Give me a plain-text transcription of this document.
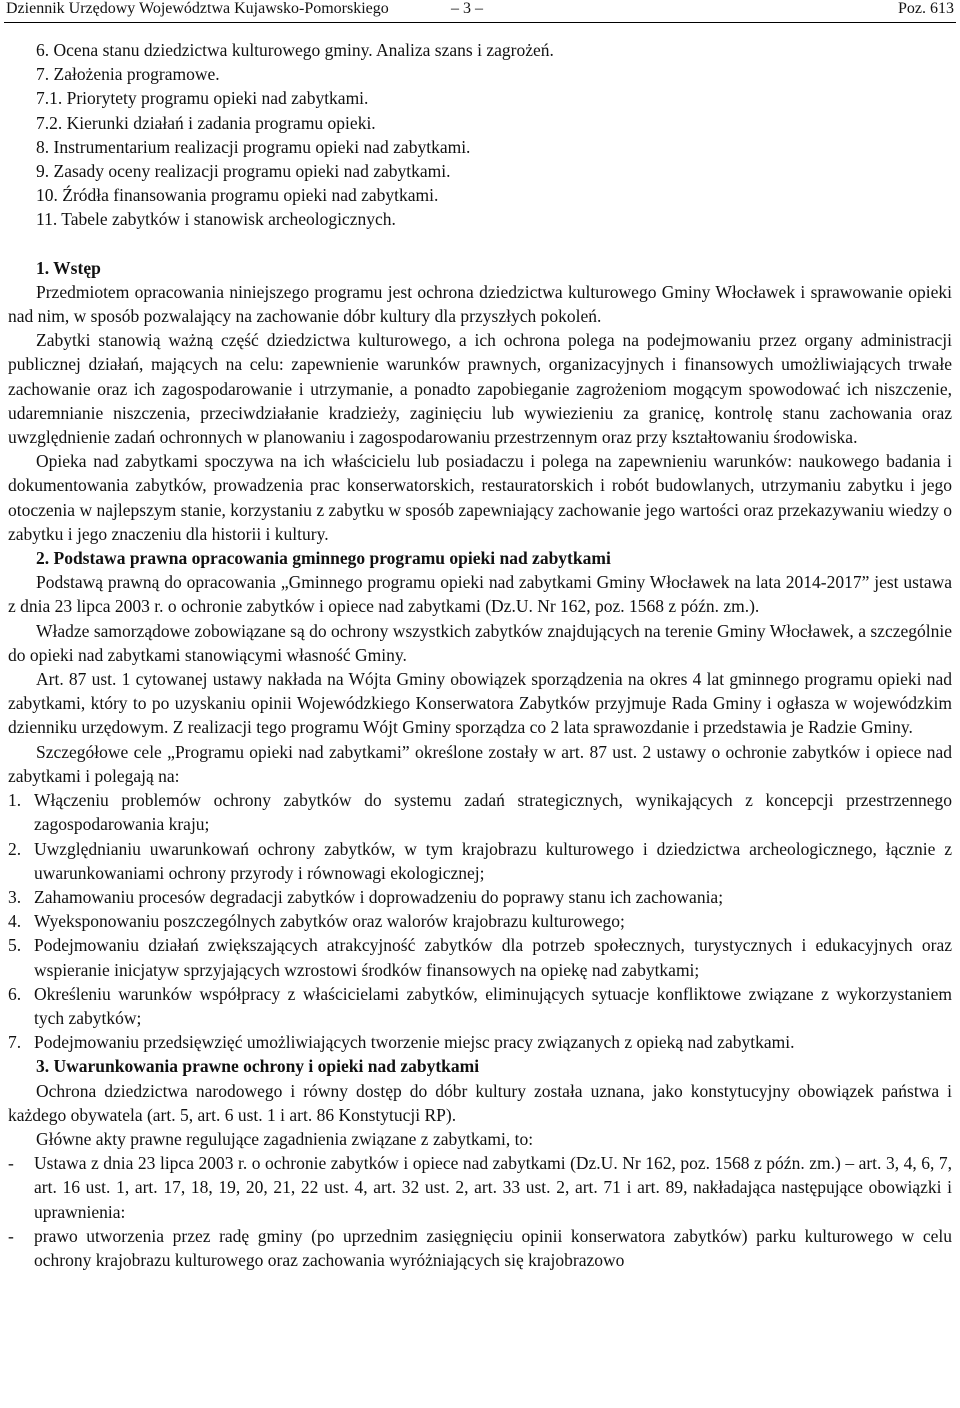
Dziennik Urzędowy Województwa Kujawsko-Pomorskiego	– 3 –	Poz. 613
6. Ocena stanu dziedzictwa kulturowego gminy. Analiza szans i zagrożeń.
7. Założenia programowe.
7.1. Priorytety programu opieki nad zabytkami.
7.2. Kierunki działań i zadania programu opieki.
8. Instrumentarium realizacji programu opieki nad zabytkami.
9. Zasady oceny realizacji programu opieki nad zabytkami.
10. Źródła finansowania programu opieki nad zabytkami.
11. Tabele zabytków i stanowisk archeologicznych.
1. Wstęp

Przedmiotem opracowania niniejszego programu jest ochrona dziedzictwa kulturowego Gminy Włocławek i sprawowanie opieki nad nim, w sposób pozwalający na zachowanie dóbr kultury dla przyszłych pokoleń.

Zabytki stanowią ważną część dziedzictwa kulturowego, a ich ochrona polega na podejmowaniu przez organy administracji publicznej działań, mających na celu: zapewnienie warunków prawnych, organizacyjnych i finansowych umożliwiających trwałe zachowanie oraz ich zagospodarowanie i utrzymanie, a ponadto zapobieganie zagrożeniom mogącym spowodować ich niszczenie, udaremnianie niszczenia, przeciwdziałanie kradzieży, zaginięciu lub wywiezieniu za granicę, kontrolę stanu zachowania oraz uwzględnienie zadań ochronnych w planowaniu i zagospodarowaniu przestrzennym oraz przy kształtowaniu środowiska.

Opieka nad zabytkami spoczywa na ich właścicielu lub posiadaczu i polega na zapewnieniu warunków: naukowego badania i dokumentowania zabytków, prowadzenia prac konserwatorskich, restauratorskich i robót budowlanych, utrzymaniu zabytku i jego otoczenia w najlepszym stanie, korzystaniu z zabytku w sposób zapewniający zachowanie jego wartości oraz przekazywaniu wiedzy o zabytku i jego znaczeniu dla historii i kultury.

2. Podstawa prawna opracowania gminnego programu opieki nad zabytkami

Podstawą prawną do opracowania „Gminnego programu opieki nad zabytkami Gminy Włocławek na lata 2014-2017” jest ustawa z dnia 23 lipca 2003 r. o ochronie zabytków i opiece nad zabytkami (Dz.U. Nr 162, poz. 1568 z późn. zm.).

Władze samorządowe zobowiązane są do ochrony wszystkich zabytków znajdujących na terenie Gminy Włocławek, a szczególnie do opieki nad zabytkami stanowiącymi własność Gminy.

Art. 87 ust. 1 cytowanej ustawy nakłada na Wójta Gminy obowiązek sporządzenia na okres 4 lat gminnego programu opieki nad zabytkami, który to po uzyskaniu opinii Wojewódzkiego Konserwatora Zabytków przyjmuje Rada Gminy i ogłasza w wojewódzkim dzienniku urzędowym. Z realizacji tego programu Wójt Gminy sporządza co 2 lata sprawozdanie i przedstawia je Radzie Gminy.

Szczegółowe cele „Programu opieki nad zabytkami” określone zostały w art. 87 ust. 2 ustawy o ochronie zabytków i opiece nad zabytkami i polegają na:

1. Włączeniu problemów ochrony zabytków do systemu zadań strategicznych, wynikających z koncepcji przestrzennego zagospodarowania kraju;
2. Uwzględnianiu uwarunkowań ochrony zabytków, w tym krajobrazu kulturowego i dziedzictwa archeologicznego, łącznie z uwarunkowaniami ochrony przyrody i równowagi ekologicznej;
3. Zahamowaniu procesów degradacji zabytków i doprowadzeniu do poprawy stanu ich zachowania;
4. Wyeksponowaniu poszczególnych zabytków oraz walorów krajobrazu kulturowego;
5. Podejmowaniu działań zwiększających atrakcyjność zabytków dla potrzeb społecznych, turystycznych i edukacyjnych oraz wspieranie inicjatyw sprzyjających wzrostowi środków finansowych na opiekę nad zabytkami;
6. Określeniu warunków współpracy z właścicielami zabytków, eliminujących sytuacje konfliktowe związane z wykorzystaniem tych zabytków;
7. Podejmowaniu przedsięwzięć umożliwiających tworzenie miejsc pracy związanych z opieką nad zabytkami.
3. Uwarunkowania prawne ochrony i opieki nad zabytkami

Ochrona dziedzictwa narodowego i równy dostęp do dóbr kultury została uznana, jako konstytucyjny obowiązek państwa i każdego obywatela (art. 5, art. 6 ust. 1 i art. 86 Konstytucji RP).

Główne akty prawne regulujące zagadnienia związane z zabytkami, to:

- Ustawa z dnia 23 lipca 2003 r. o ochronie zabytków i opiece nad zabytkami (Dz.U. Nr 162, poz. 1568 z późn. zm.) – art. 3, 4, 6, 7, art. 16 ust. 1, art. 17, 18, 19, 20, 21, 22 ust. 4, art. 32 ust. 2, art. 33 ust. 2, art. 71 i art. 89, nakładająca następujące obowiązki i uprawnienia:
- prawo utworzenia przez radę gminy (po uprzednim zasięgnięciu opinii konserwatora zabytków) parku kulturowego w celu ochrony krajobrazu kulturowego oraz zachowania wyróżniających się krajobrazowo
